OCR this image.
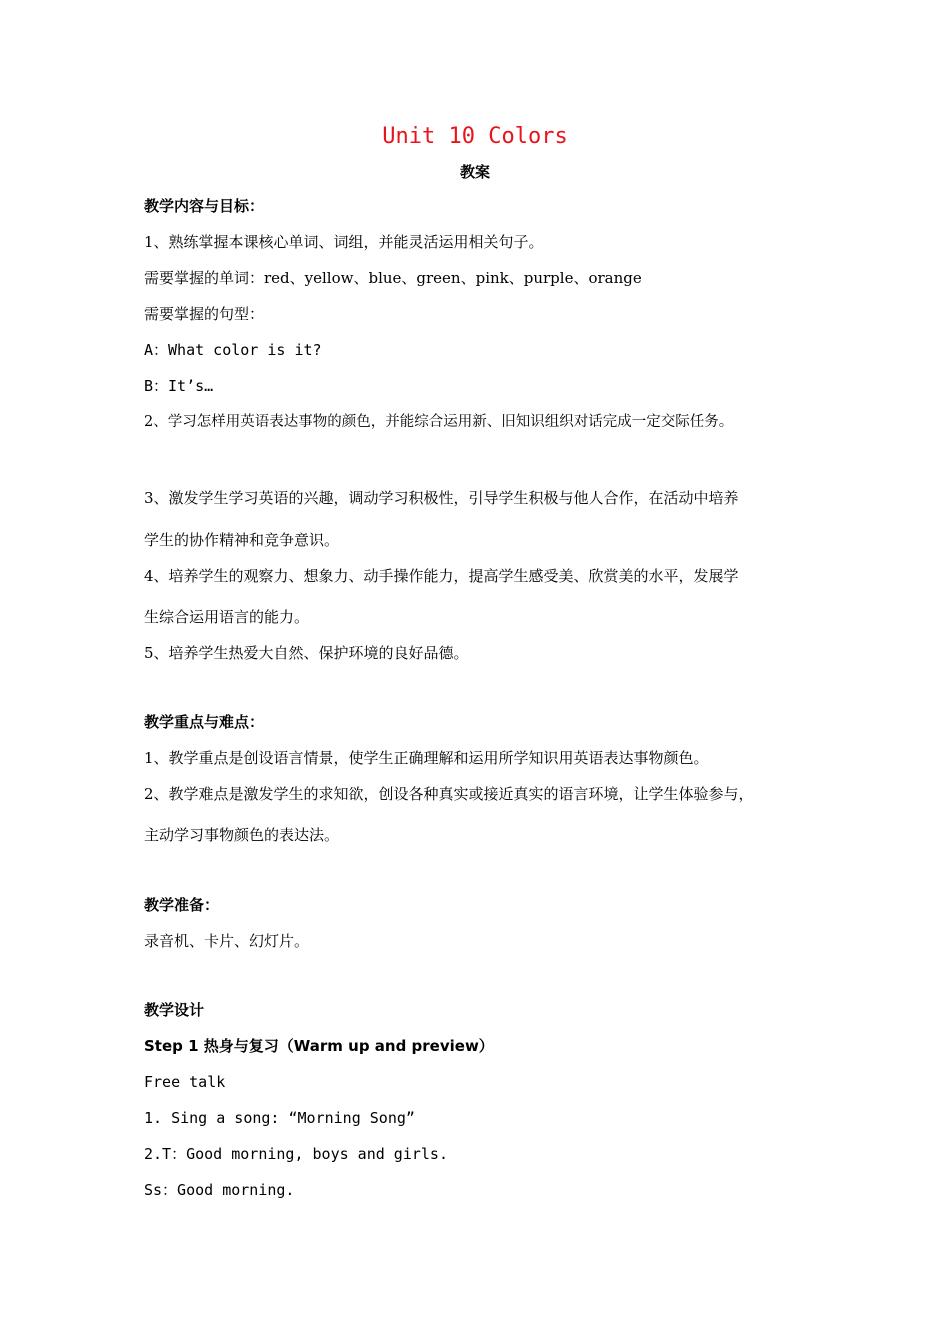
Unit 10 Colors
教案
教学内容与目标：
1、熟练掌握本课核心单词、词组，并能灵活运用相关句子。
需要掌握的单词：red、yellow、blue、green、pink、purple、orange
需要掌握的句型：
A：What color is it?
B：It’s…
2、学习怎样用英语表达事物的颜色，并能综合运用新、旧知识组织对话完成一定交际任务。
3、激发学生学习英语的兴趣，调动学习积极性，引导学生积极与他人合作，在活动中培养
学生的协作精神和竞争意识。
4、培养学生的观察力、想象力、动手操作能力，提高学生感受美、欣赏美的水平，发展学
生综合运用语言的能力。
5、培养学生热爱大自然、保护环境的良好品德。
教学重点与难点：
1、教学重点是创设语言情景，使学生正确理解和运用所学知识用英语表达事物颜色。
2、教学难点是激发学生的求知欲，创设各种真实或接近真实的语言环境，让学生体验参与，
主动学习事物颜色的表达法。
教学准备：
录音机、卡片、幻灯片。
教学设计
Step 1 热身与复习（Warm up and preview）
Free talk
1. Sing a song: “Morning Song”
2.T：Good morning, boys and girls.
Ss：Good morning.
